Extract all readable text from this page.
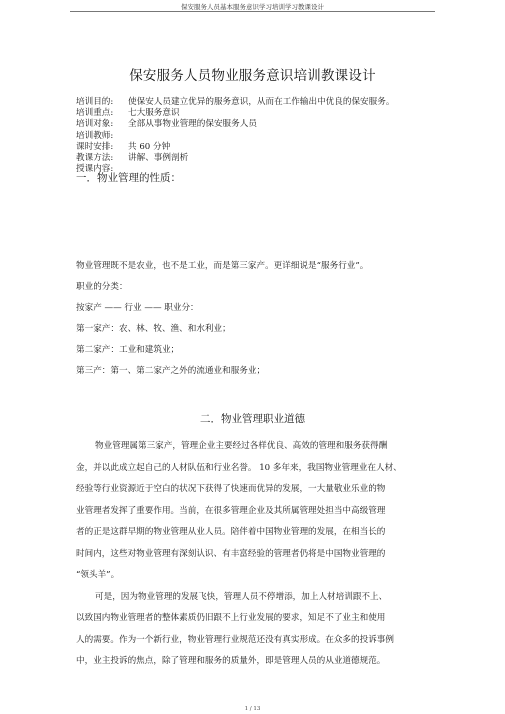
保安服务人员基本服务意识学习培训学习教课设计
保安服务人员物业服务意识培训教课设计
培训目的:	使保安人员建立优异的服务意识，从而在工作输出中优良的保安服务。
培训重点:	七大服务意识
培训对象:	全部从事物业管理的保安服务人员
培训教师:
课时安排:	共 60 分钟
教课方法:	讲解、事例剖析
授课内容:
一．物业管理的性质：

物业管理既不是农业，也不是工业，而是第三家产。更详细说是“服务行业”。

职业的分类：

按家产 —— 行业 —— 职业分：

第一家产：农、林、牧、渔、和水利业；

第二家产：工业和建筑业；

第三产：第一、第二家产之外的流通业和服务业；

二．物业管理职业道德

物业管理属第三家产，管理企业主要经过各样优良、高效的管理和服务获得酬

金，并以此成立起自己的人材队伍和行业名誉。 10 多年来，我国物业管理业在人材、

经验等行业资源近于空白的状况下获得了快速而优异的发展，一大量敬业乐业的物

业管理者发挥了重要作用。当前，在很多管理企业及其所属管理处担当中高级管理

者的正是这群早期的物业管理从业人员。陪伴着中国物业管理的发展，在相当长的

时间内，这些对物业管理有深刻认识、有丰富经验的管理者仍将是中国物业管理的

“领头羊”。

可是，因为物业管理的发展飞快，管理人员不停增添，加上人材培训跟不上、

以致国内物业管理者的整体素质仍旧跟不上行业发展的要求，知足不了业主和使用

人的需要。作为一个新行业，物业管理行业规范还没有真实形成。在众多的投诉事例

中，业主投诉的焦点，除了管理和服务的质量外，即是管理人员的从业道德规范。

1 / 13
